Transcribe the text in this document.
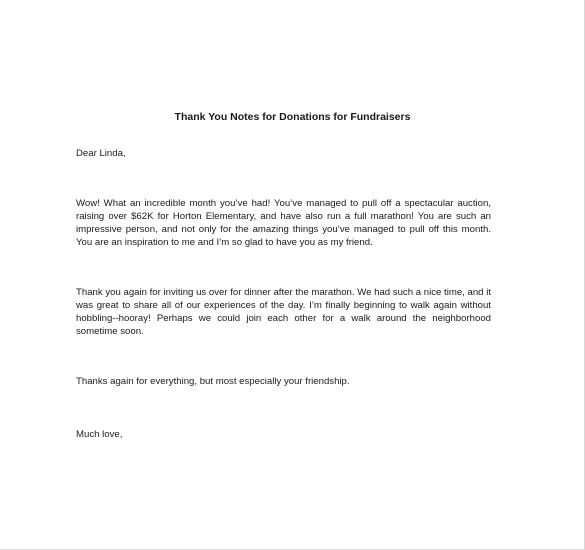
Thank You Notes for Donations for Fundraisers

Dear Linda,

Wow! What an incredible month you’ve had! You’ve managed to pull off a spectacular auction, raising over $62K for Horton Elementary, and have also run a full marathon! You are such an impressive person, and not only for the amazing things you’ve managed to pull off this month. You are an inspiration to me and I’m so glad to have you as my friend.

Thank you again for inviting us over for dinner after the marathon. We had such a nice time, and it was great to share all of our experiences of the day. I’m finally beginning to walk again without hobbling--hooray! Perhaps we could join each other for a walk around the neighborhood sometime soon.

Thanks again for everything, but most especially your friendship.

Much love,
